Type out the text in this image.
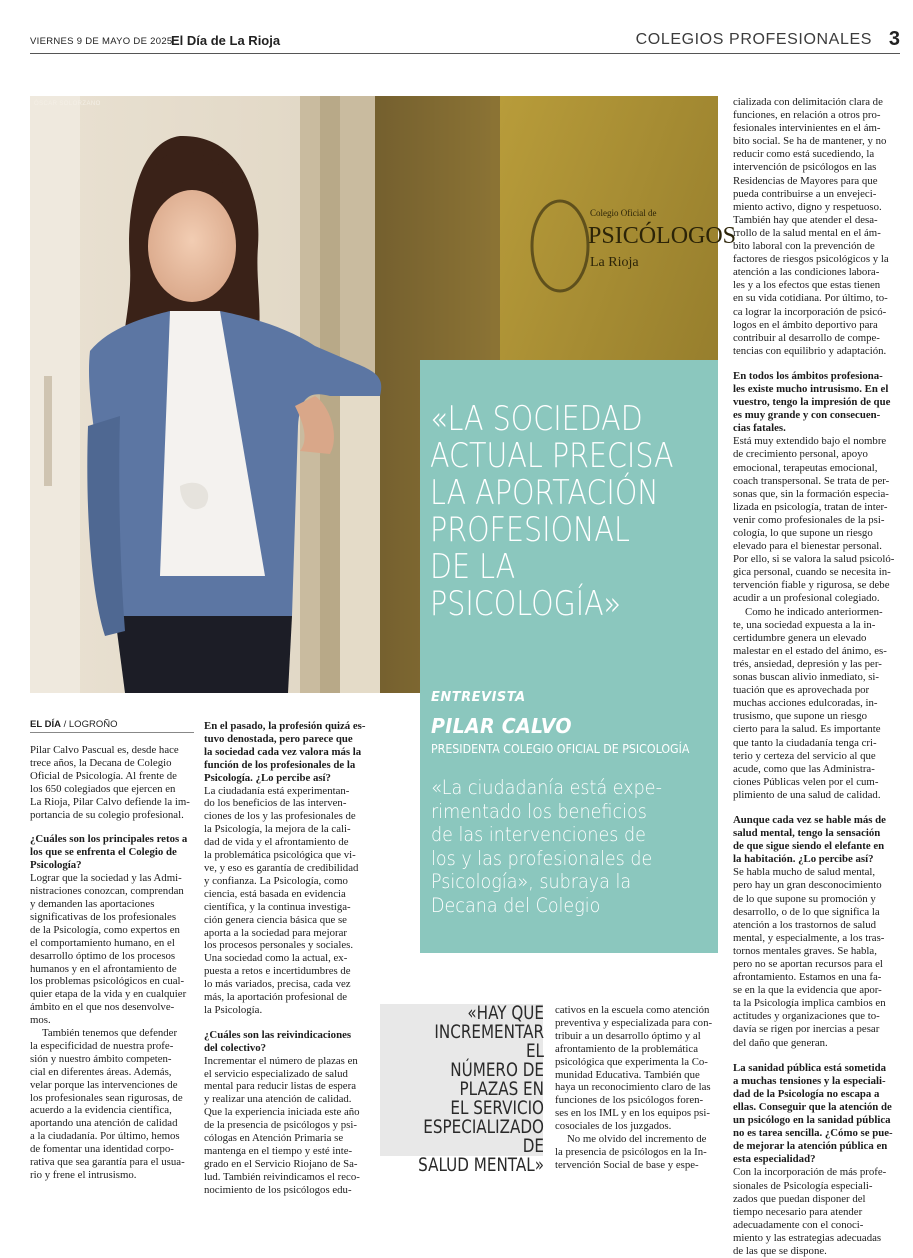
VIERNES 9 DE MAYO DE 2025
El Día de La Rioja	COLEGIOS PROFESIONALES 3
Colegio Oficial de
PSICÓLOGOS
La Rioja
ÓSCAR SOLORZANO
«LA SOCIEDAD
ACTUAL PRECISA
LA APORTACIÓN
PROFESIONAL
DE LA
PSICOLOGÍA»
ENTREVISTA
PILAR CALVO
PRESIDENTA COLEGIO OFICIAL DE PSICOLOGÍA
«La ciudadanía está expe-
rimentado los beneficios
de las intervenciones de
los y las profesionales de
Psicología», subraya la
Decana del Colegio
EL DÍA / LOGROÑO

Pilar Calvo Pascual es, desde hace
trece años, la Decana de Colegio
Oficial de Psicología. Al frente de
los 650 colegiados que ejercen en
La Rioja, Pilar Calvo defiende la im-
portancia de su colegio profesional.

¿Cuáles son los principales retos a
los que se enfrenta el Colegio de
Psicología?

Lograr que la sociedad y las Admi-
nistraciones conozcan, comprendan
y demanden las aportaciones
significativas de los profesionales
de la Psicología, como expertos en
el comportamiento humano, en el
desarrollo óptimo de los procesos
humanos y en el afrontamiento de
los problemas psicológicos en cual-
quier etapa de la vida y en cualquier
ámbito en el que nos desenvolve-
mos.

También tenemos que defender
la especificidad de nuestra profe-
sión y nuestro ámbito competen-
cial en diferentes áreas. Además,
velar porque las intervenciones de
los profesionales sean rigurosas, de
acuerdo a la evidencia científica,
aportando una atención de calidad
a la ciudadanía. Por último, hemos
de fomentar una identidad corpo-
rativa que sea garantía para el usua-
rio y frene el intrusismo.

En el pasado, la profesión quizá es-
tuvo denostada, pero parece que
la sociedad cada vez valora más la
función de los profesionales de la
Psicología. ¿Lo percibe así?

La ciudadanía está experimentan-
do los beneficios de las interven-
ciones de los y las profesionales de
la Psicología, la mejora de la cali-
dad de vida y el afrontamiento de
la problemática psicológica que vi-
ve, y eso es garantía de credibilidad
y confianza. La Psicología, como
ciencia, está basada en evidencia
científica, y la continua investiga-
ción genera ciencia básica que se
aporta a la sociedad para mejorar
los procesos personales y sociales.
Una sociedad como la actual, ex-
puesta a retos e incertidumbres de
lo más variados, precisa, cada vez
más, la aportación profesional de
la Psicología.

¿Cuáles son las reivindicaciones
del colectivo?

Incrementar el número de plazas en
el servicio especializado de salud
mental para reducir listas de espera
y realizar una atención de calidad.
Que la experiencia iniciada este año
de la presencia de psicólogos y psi-
cólogas en Atención Primaria se
mantenga en el tiempo y esté inte-
grado en el Servicio Riojano de Sa-
lud. También reivindicamos el reco-
nocimiento de los psicólogos edu-

cativos en la escuela como atención
preventiva y especializada para con-
tribuir a un desarrollo óptimo y al
afrontamiento de la problemática
psicológica que experimenta la Co-
munidad Educativa. También que
haya un reconocimiento claro de las
funciones de los psicólogos foren-
ses en los IML y en los equipos psi-
cosociales de los juzgados.

No me olvido del incremento de
la presencia de psicólogos en la In-
tervención Social de base y espe-

cializada con delimitación clara de
funciones, en relación a otros pro-
fesionales intervinientes en el ám-
bito social. Se ha de mantener, y no
reducir como está sucediendo, la
intervención de psicólogos en las
Residencias de Mayores para que
pueda contribuirse a un envejeci-
miento activo, digno y respetuoso.
También hay que atender el desa-
rrollo de la salud mental en el ám-
bito laboral con la prevención de
factores de riesgos psicológicos y la
atención a las condiciones labora-
les y a los efectos que estas tienen
en su vida cotidiana. Por último, to-
ca lograr la incorporación de psicó-
logos en el ámbito deportivo para
contribuir al desarrollo de compe-
tencias con equilibrio y adaptación.

En todos los ámbitos profesiona-
les existe mucho intrusismo. En el
vuestro, tengo la impresión de que
es muy grande y con consecuen-
cias fatales.

Está muy extendido bajo el nombre
de crecimiento personal, apoyo
emocional, terapeutas emocional,
coach transpersonal. Se trata de per-
sonas que, sin la formación especia-
lizada en psicología, tratan de inter-
venir como profesionales de la psi-
cología, lo que supone un riesgo
elevado para el bienestar personal.
Por ello, si se valora la salud psicoló-
gica personal, cuando se necesita in-
tervención fiable y rigurosa, se debe
acudir a un profesional colegiado.

Como he indicado anteriormen-
te, una sociedad expuesta a la in-
certidumbre genera un elevado
malestar en el estado del ánimo, es-
trés, ansiedad, depresión y las per-
sonas buscan alivio inmediato, si-
tuación que es aprovechada por
muchas acciones edulcoradas, in-
trusismo, que supone un riesgo
cierto para la salud. Es importante
que tanto la ciudadanía tenga cri-
terio y certeza del servicio al que
acude, como que las Administra-
ciones Públicas velen por el cum-
plimiento de una salud de calidad.

Aunque cada vez se hable más de
salud mental, tengo la sensación
de que sigue siendo el elefante en
la habitación. ¿Lo percibe así?

Se habla mucho de salud mental,
pero hay un gran desconocimiento
de lo que supone su promoción y
desarrollo, o de lo que significa la
atención a los trastornos de salud
mental, y especialmente, a los tras-
tornos mentales graves. Se habla,
pero no se aportan recursos para el
afrontamiento. Estamos en una fa-
se en la que la evidencia que apor-
ta la Psicología implica cambios en
actitudes y organizaciones que to-
davía se rigen por inercias a pesar
del daño que generan.

La sanidad pública está sometida
a muchas tensiones y la especiali-
dad de la Psicología no escapa a
ellas. Conseguir que la atención de
un psicólogo en la sanidad pública
no es tarea sencilla. ¿Cómo se pue-
de mejorar la atención pública en
esta especialidad?

Con la incorporación de más profe-
sionales de Psicología especiali-
zados que puedan disponer del
tiempo necesario para atender
adecuadamente con el conoci-
miento y las estrategias adecuadas
de las que se dispone.

«HAY QUE
INCREMENTAR EL
NÚMERO DE
PLAZAS EN
EL SERVICIO
ESPECIALIZADO DE
SALUD MENTAL»
